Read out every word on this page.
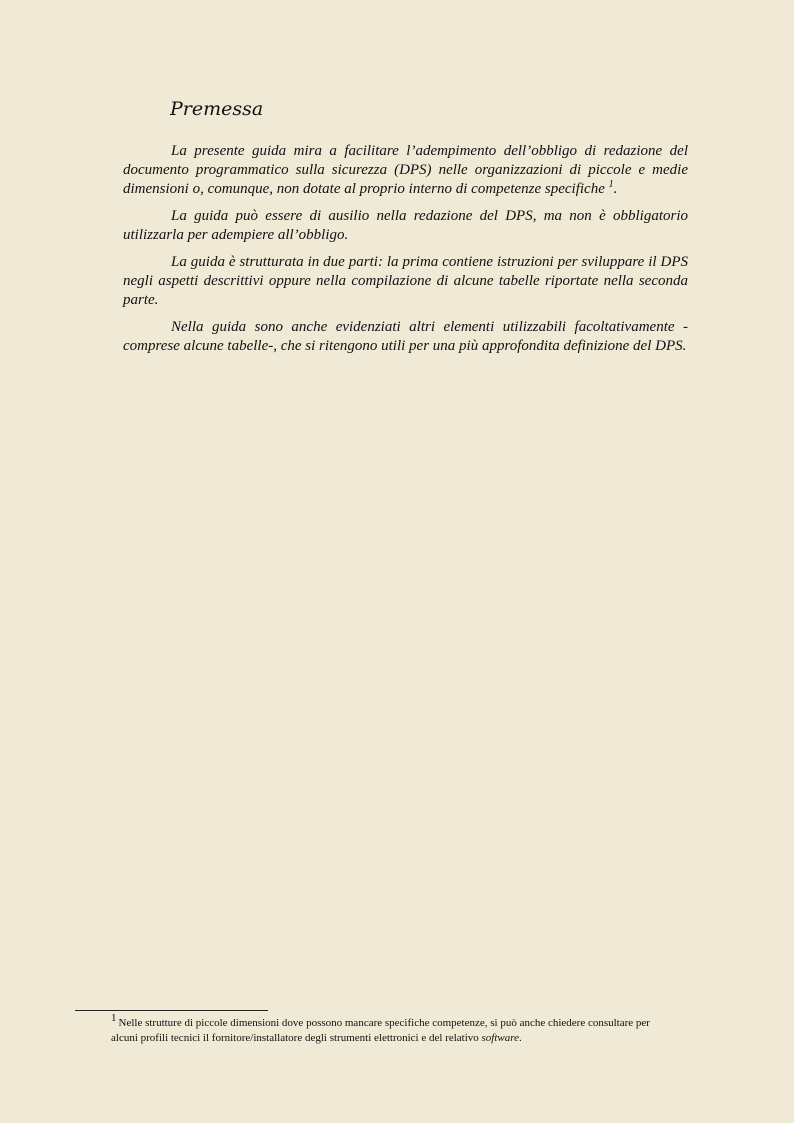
Premessa

La presente guida mira a facilitare l’adempimento dell’obbligo di redazione del documento programmatico sulla sicurezza (DPS) nelle organizzazioni di piccole e medie dimensioni o, comunque, non dotate al proprio interno di competenze specifiche $^1$.

La guida può essere di ausilio nella redazione del DPS, ma non è obbligatorio utilizzarla per adempiere all’obbligo.

La guida è strutturata in due parti: la prima contiene istruzioni per sviluppare il DPS negli aspetti descrittivi oppure nella compilazione di alcune tabelle riportate nella seconda parte.

Nella guida sono anche evidenziati altri elementi utilizzabili facoltativamente - comprese alcune tabelle-, che si ritengono utili per una più approfondita definizione del DPS.

1 Nelle strutture di piccole dimensioni dove possono mancare specifiche competenze, si può anche chiedere consultare per alcuni profili tecnici il fornitore/installatore degli strumenti elettronici e del relativo software.
